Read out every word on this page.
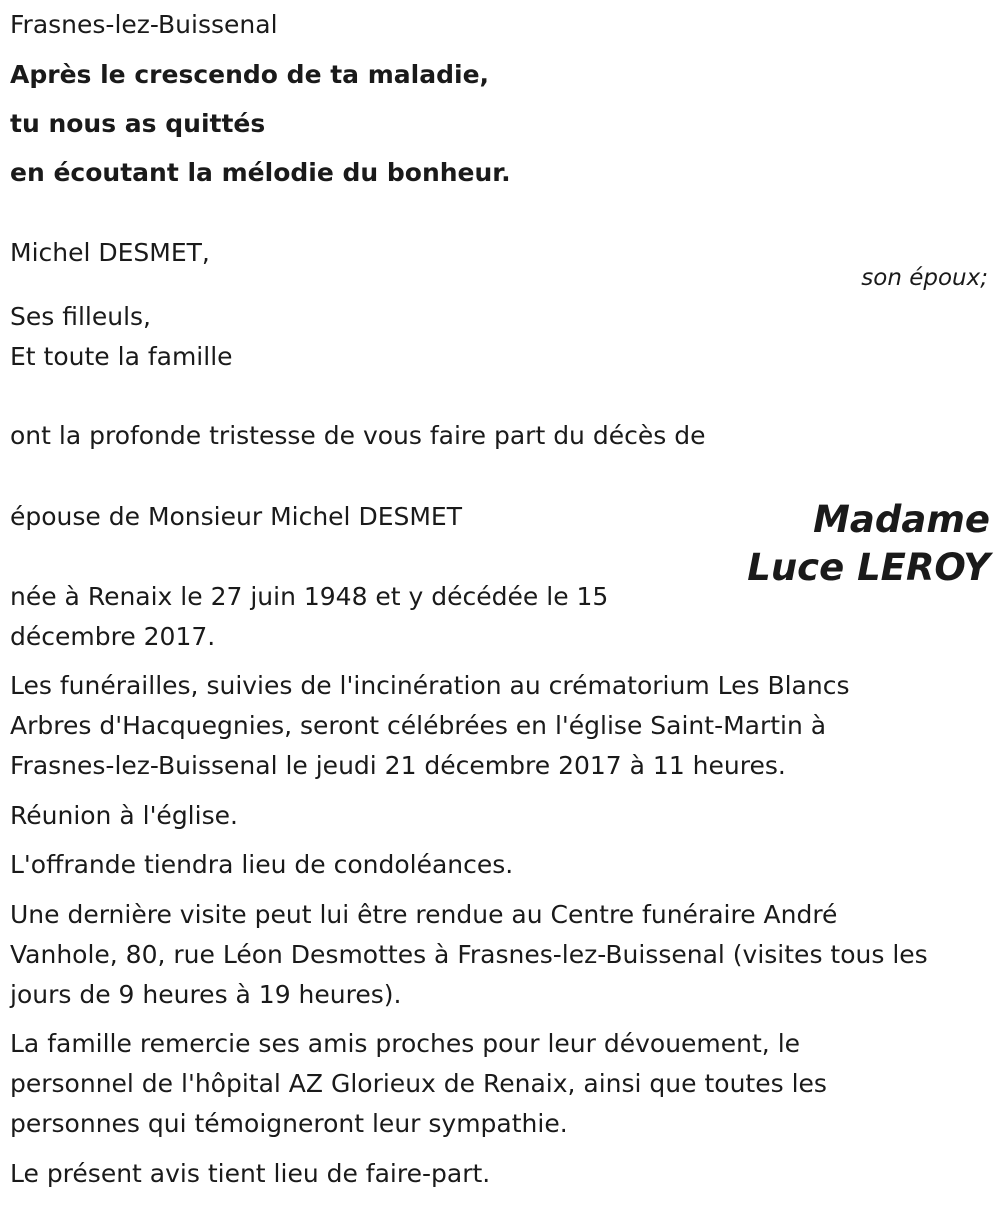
Frasnes-lez-Buissenal
Après le crescendo de ta maladie,
tu nous as quittés
en écoutant la mélodie du bonheur.
Michel DESMET,
son époux;
Ses filleuls,
Et toute la famille
ont la profonde tristesse de vous faire part du décès de
épouse de Monsieur Michel DESMET	Madame
Luce LEROY
née à Renaix le 27 juin 1948 et y décédée le 15
décembre 2017.
Les funérailles, suivies de l'incinération au crématorium Les Blancs
Arbres d'Hacquegnies, seront célébrées en l'église Saint-Martin à
Frasnes-lez-Buissenal le jeudi 21 décembre 2017 à 11 heures.
Réunion à l'église.
L'offrande tiendra lieu de condoléances.
Une dernière visite peut lui être rendue au Centre funéraire André
Vanhole, 80, rue Léon Desmottes à Frasnes-lez-Buissenal (visites tous les
jours de 9 heures à 19 heures).
La famille remercie ses amis proches pour leur dévouement, le
personnel de l'hôpital AZ Glorieux de Renaix, ainsi que toutes les
personnes qui témoigneront leur sympathie.
Le présent avis tient lieu de faire-part.
